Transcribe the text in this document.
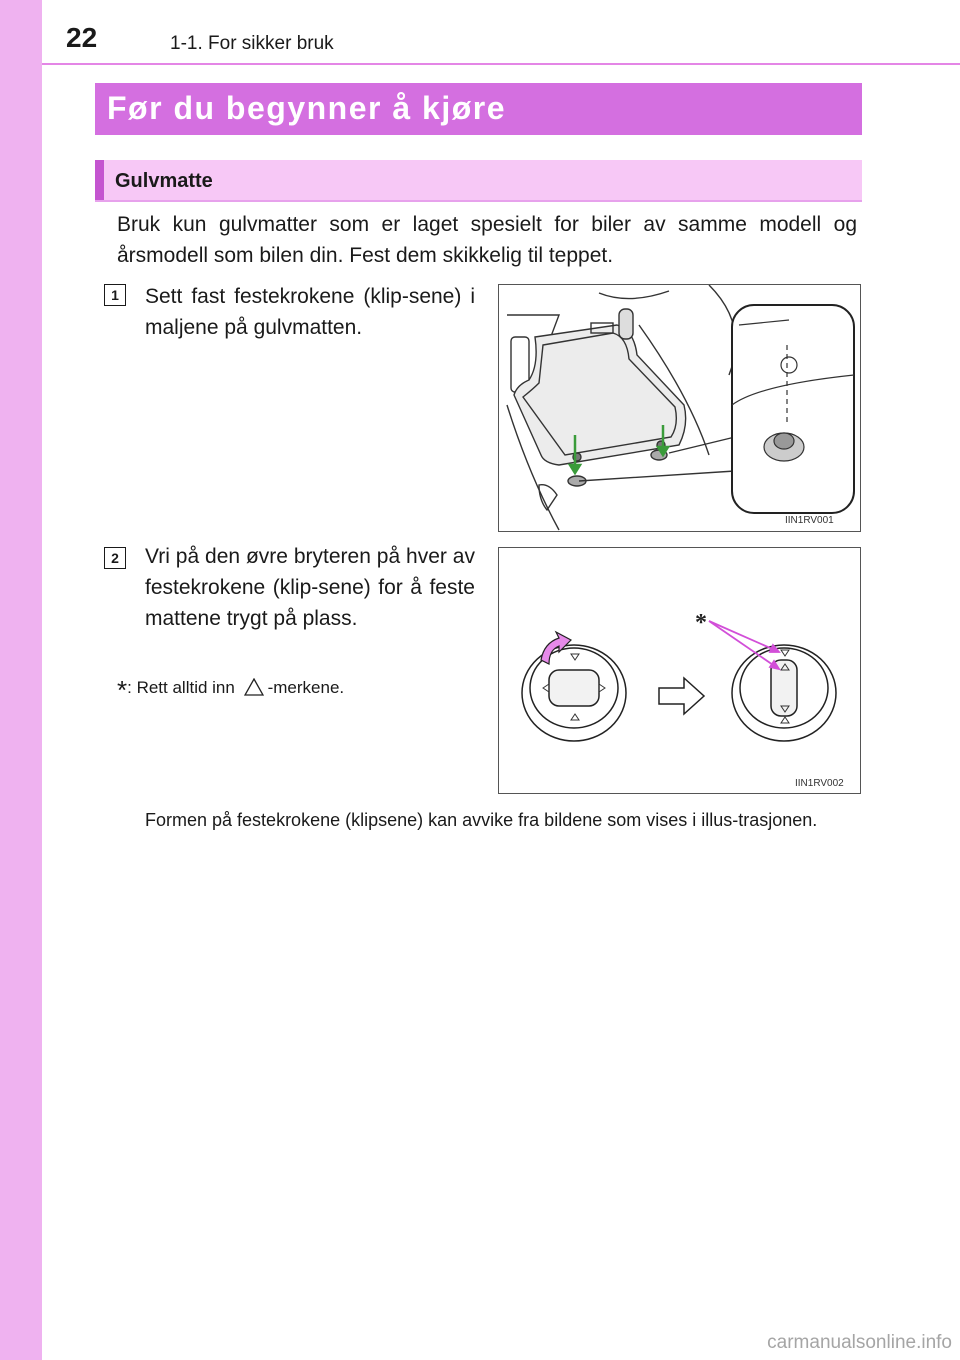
22	1-1. For sikker bruk
Før du begynner å kjøre
Gulvmatte
Bruk kun gulvmatter som er laget spesielt for biler av samme modell og årsmodell som bilen din. Fest dem skikkelig til teppet.
1	Sett fast festekrokene (klip-sene) i maljene på gulvmatten.
IIN1RV001
2	Vri på den øvre bryteren på hver av festekrokene (klip-sene) for å feste mattene trygt på plass.
*: Rett alltid inn -merkene.
*
IIN1RV002
Formen på festekrokene (klipsene) kan avvike fra bildene som vises i illus-trasjonen.
carmanualsonline.info
